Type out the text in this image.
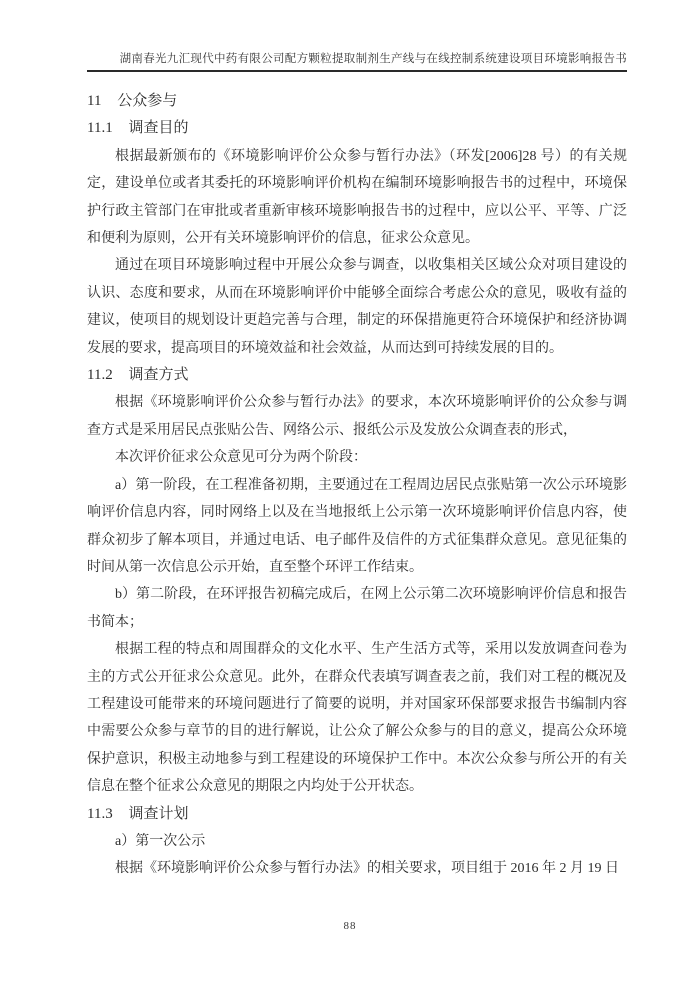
湖南春光九汇现代中药有限公司配方颗粒提取制剂生产线与在线控制系统建设项目环境影响报告书
11 公众参与
11.1 调查目的

根据最新颁布的《环境影响评价公众参与暂行办法》（环发[2006]28 号）的有关规定，建设单位或者其委托的环境影响评价机构在编制环境影响报告书的过程中，环境保护行政主管部门在审批或者重新审核环境影响报告书的过程中，应以公平、平等、广泛和便利为原则，公开有关环境影响评价的信息，征求公众意见。

通过在项目环境影响过程中开展公众参与调查，以收集相关区域公众对项目建设的认识、态度和要求，从而在环境影响评价中能够全面综合考虑公众的意见，吸收有益的建议，使项目的规划设计更趋完善与合理，制定的环保措施更符合环境保护和经济协调发展的要求，提高项目的环境效益和社会效益，从而达到可持续发展的目的。

11.2 调查方式

根据《环境影响评价公众参与暂行办法》的要求，本次环境影响评价的公众参与调查方式是采用居民点张贴公告、网络公示、报纸公示及发放公众调查表的形式，

本次评价征求公众意见可分为两个阶段：

a）第一阶段，在工程准备初期，主要通过在工程周边居民点张贴第一次公示环境影响评价信息内容，同时网络上以及在当地报纸上公示第一次环境影响评价信息内容，使群众初步了解本项目，并通过电话、电子邮件及信件的方式征集群众意见。意见征集的时间从第一次信息公示开始，直至整个环评工作结束。

b）第二阶段，在环评报告初稿完成后，在网上公示第二次环境影响评价信息和报告书简本；

根据工程的特点和周围群众的文化水平、生产生活方式等，采用以发放调查问卷为主的方式公开征求公众意见。此外，在群众代表填写调查表之前，我们对工程的概况及工程建设可能带来的环境问题进行了简要的说明，并对国家环保部要求报告书编制内容中需要公众参与章节的目的进行解说，让公众了解公众参与的目的意义，提高公众环境保护意识，积极主动地参与到工程建设的环境保护工作中。本次公众参与所公开的有关信息在整个征求公众意见的期限之内均处于公开状态。

11.3 调查计划

a）第一次公示

根据《环境影响评价公众参与暂行办法》的相关要求，项目组于 2016 年 2 月 19 日

88
